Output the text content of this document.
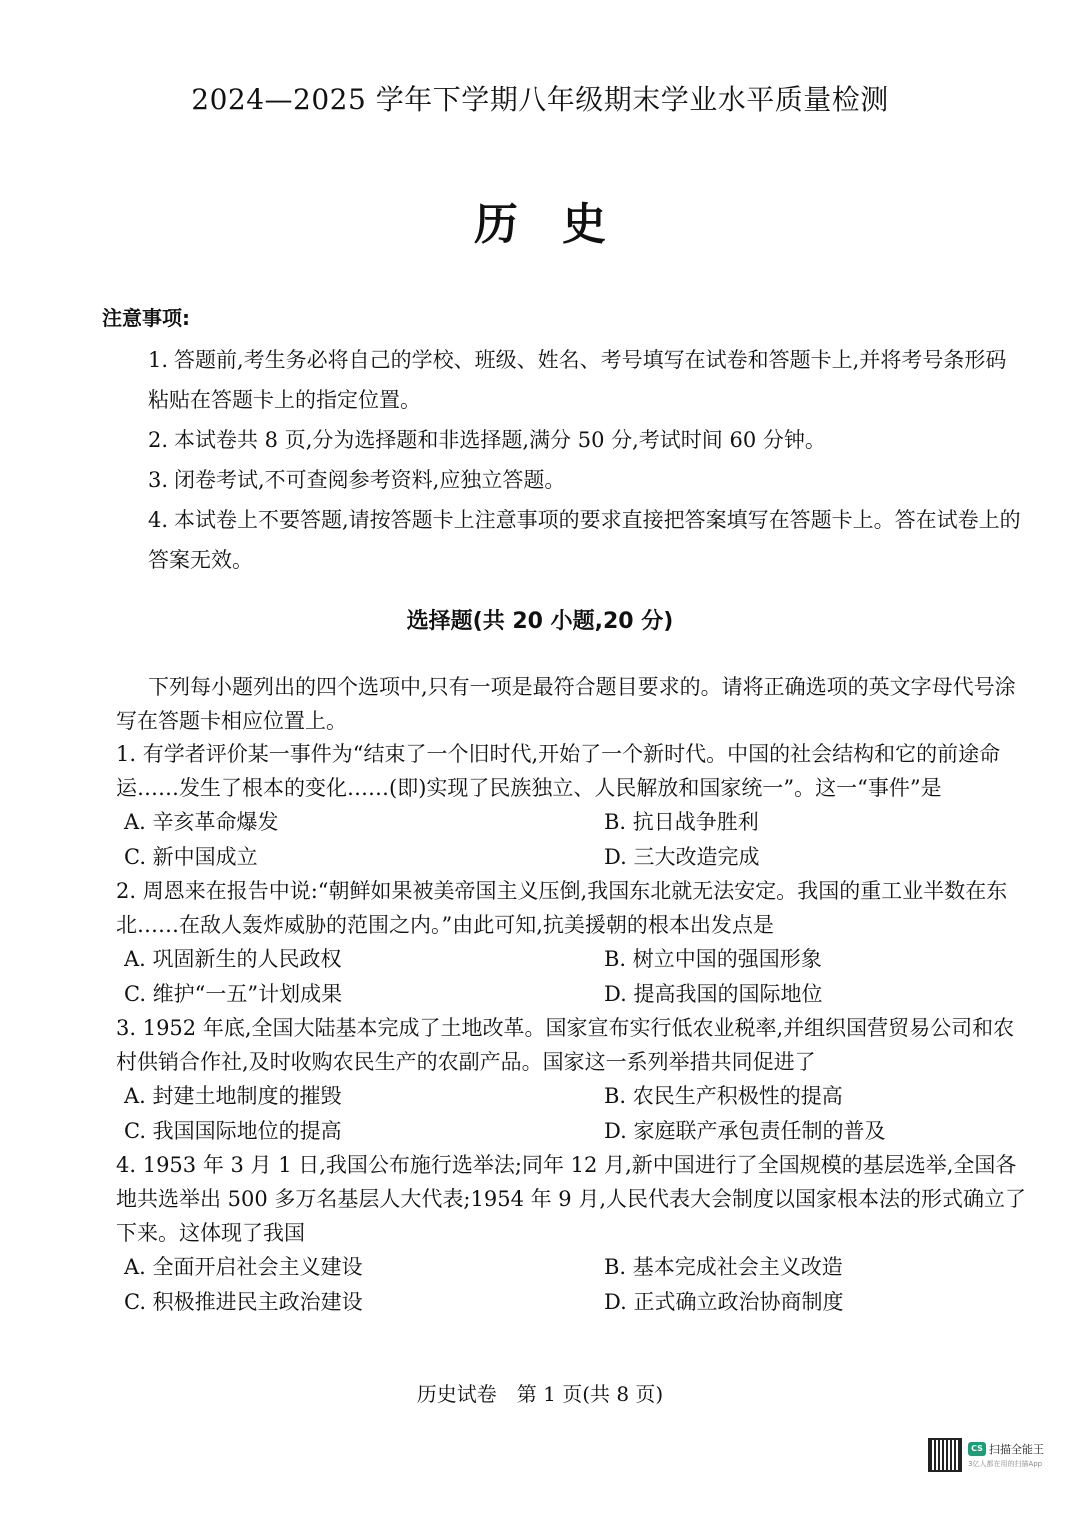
2024—2025 学年下学期八年级期末学业水平质量检测
历史
注意事项:
1. 答题前,考生务必将自己的学校、班级、姓名、考号填写在试卷和答题卡上,并将考号条形码粘贴在答题卡上的指定位置。
2. 本试卷共 8 页,分为选择题和非选择题,满分 50 分,考试时间 60 分钟。
3. 闭卷考试,不可查阅参考资料,应独立答题。
4. 本试卷上不要答题,请按答题卡上注意事项的要求直接把答案填写在答题卡上。答在试卷上的答案无效。
选择题(共 20 小题,20 分)
下列每小题列出的四个选项中,只有一项是最符合题目要求的。请将正确选项的英文字母代号涂写在答题卡相应位置上。
1. 有学者评价某一事件为“结束了一个旧时代,开始了一个新时代。中国的社会结构和它的前途命运……发生了根本的变化……(即)实现了民族独立、人民解放和国家统一”。这一“事件”是
A. 辛亥革命爆发	B. 抗日战争胜利
C. 新中国成立	D. 三大改造完成
2. 周恩来在报告中说:“朝鲜如果被美帝国主义压倒,我国东北就无法安定。我国的重工业半数在东北……在敌人轰炸威胁的范围之内。”由此可知,抗美援朝的根本出发点是
A. 巩固新生的人民政权	B. 树立中国的强国形象
C. 维护“一五”计划成果	D. 提高我国的国际地位
3. 1952 年底,全国大陆基本完成了土地改革。国家宣布实行低农业税率,并组织国营贸易公司和农村供销合作社,及时收购农民生产的农副产品。国家这一系列举措共同促进了
A. 封建土地制度的摧毁	B. 农民生产积极性的提高
C. 我国国际地位的提高	D. 家庭联产承包责任制的普及
4. 1953 年 3 月 1 日,我国公布施行选举法;同年 12 月,新中国进行了全国规模的基层选举,全国各地共选举出 500 多万名基层人大代表;1954 年 9 月,人民代表大会制度以国家根本法的形式确立了下来。这体现了我国
A. 全面开启社会主义建设	B. 基本完成社会主义改造
C. 积极推进民主政治建设	D. 正式确立政治协商制度
历史试卷　第 1 页(共 8 页)
CS 扫描全能王
3亿人都在用的扫描App
